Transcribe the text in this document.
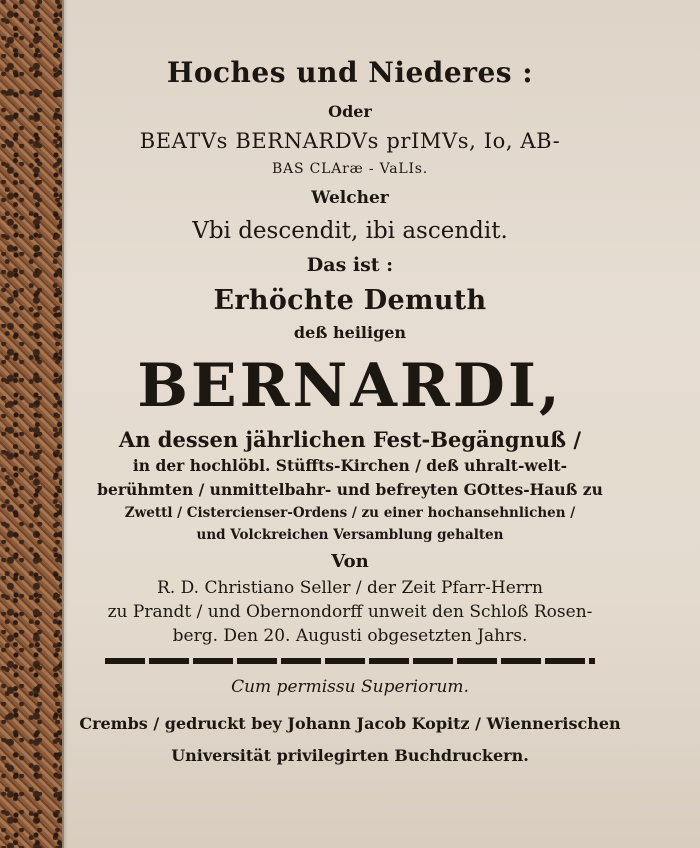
Hoches und Niederes :
Oder
BEATVs BERNARDVs prIMVs, Io, AB-
BAS CLAræ - VaLIs.
Welcher
Vbi descendit, ibi ascendit.
Das ist :
Erhöchte Demuth
deß heiligen
BERNARDI,
An dessen jährlichen Fest-Begängnuß /
in der hochlöbl. Stüffts-Kirchen / deß uhralt-welt-
berühmten / unmittelbahr- und befreyten GOttes-Hauß zu
Zwettl / Cistercienser-Ordens / zu einer hochansehnlichen /
und Volckreichen Versamblung gehalten
Von
R. D. Christiano Seller / der Zeit Pfarr-Herrn
zu Prandt / und Obernondorff unweit den Schloß Rosen-
berg. Den 20. Augusti obgesetzten Jahrs.
Cum permissu Superiorum.
Crembs / gedruckt bey Johann Jacob Kopitz / Wiennerischen
Universität privilegirten Buchdruckern.
